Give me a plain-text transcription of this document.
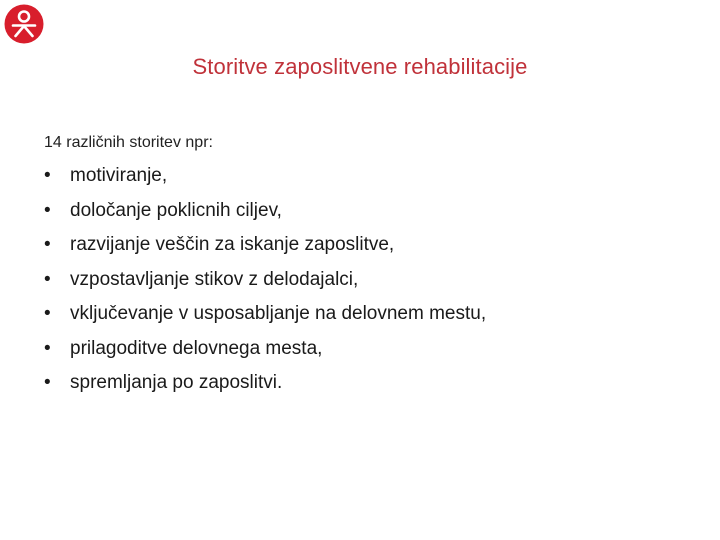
Storitve zaposlitvene rehabilitacije
14 različnih storitev npr:
•	motiviranje,
•	določanje poklicnih ciljev,
•	razvijanje veščin za iskanje zaposlitve,
•	vzpostavljanje stikov z delodajalci,
•	vključevanje v usposabljanje na delovnem mestu,
•	prilagoditve delovnega mesta,
•	spremljanja po zaposlitvi.
